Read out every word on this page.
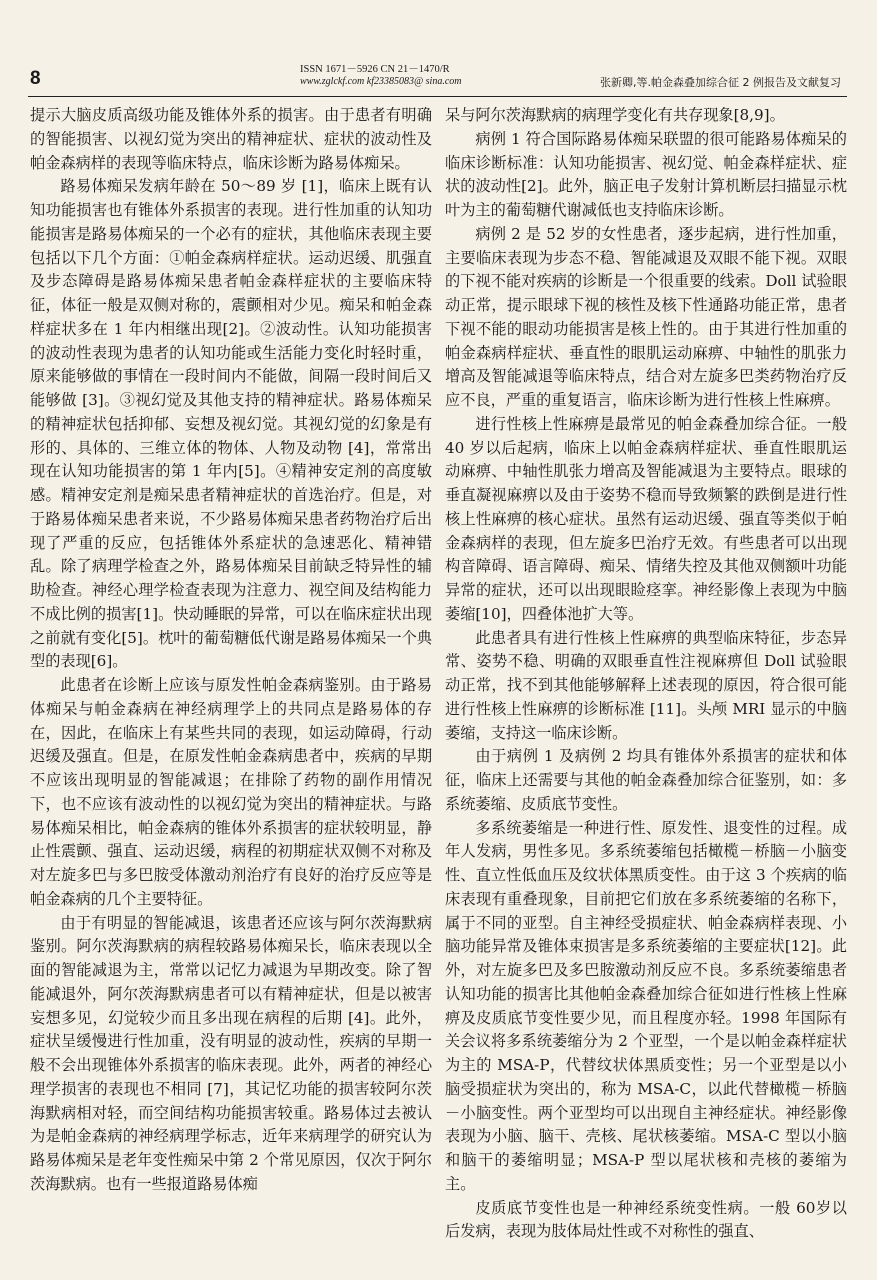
8	ISSN 1671－5926 CN 21－1470/R
www.zglckf.com kf23385083@ sina.com	张新卿,等.帕金森叠加综合征 2 例报告及文献复习

提示大脑皮质高级功能及锥体外系的损害。由于患者有明确的智能损害、以视幻觉为突出的精神症状、症状的波动性及帕金森病样的表现等临床特点，临床诊断为路易体痴呆。

路易体痴呆发病年龄在 50～89 岁 [1]，临床上既有认知功能损害也有锥体外系损害的表现。进行性加重的认知功能损害是路易体痴呆的一个必有的症状，其他临床表现主要包括以下几个方面：①帕金森病样症状。运动迟缓、肌强直及步态障碍是路易体痴呆患者帕金森样症状的主要临床特征，体征一般是双侧对称的，震颤相对少见。痴呆和帕金森样症状多在 1 年内相继出现[2]。②波动性。认知功能损害的波动性表现为患者的认知功能或生活能力变化时轻时重，原来能够做的事情在一段时间内不能做，间隔一段时间后又能够做 [3]。③视幻觉及其他支持的精神症状。路易体痴呆的精神症状包括抑郁、妄想及视幻觉。其视幻觉的幻象是有形的、具体的、三维立体的物体、人物及动物 [4]，常常出现在认知功能损害的第 1 年内[5]。④精神安定剂的高度敏感。精神安定剂是痴呆患者精神症状的首选治疗。但是，对于路易体痴呆患者来说，不少路易体痴呆患者药物治疗后出现了严重的反应，包括锥体外系症状的急速恶化、精神错乱。除了病理学检查之外，路易体痴呆目前缺乏特异性的辅助检查。神经心理学检查表现为注意力、视空间及结构能力不成比例的损害[1]。快动睡眠的异常，可以在临床症状出现之前就有变化[5]。枕叶的葡萄糖低代谢是路易体痴呆一个典型的表现[6]。

此患者在诊断上应该与原发性帕金森病鉴别。由于路易体痴呆与帕金森病在神经病理学上的共同点是路易体的存在，因此，在临床上有某些共同的表现，如运动障碍，行动迟缓及强直。但是，在原发性帕金森病患者中，疾病的早期不应该出现明显的智能减退；在排除了药物的副作用情况下，也不应该有波动性的以视幻觉为突出的精神症状。与路易体痴呆相比，帕金森病的锥体外系损害的症状较明显，静止性震颤、强直、运动迟缓，病程的初期症状双侧不对称及对左旋多巴与多巴胺受体激动剂治疗有良好的治疗反应等是帕金森病的几个主要特征。

由于有明显的智能减退，该患者还应该与阿尔茨海默病鉴别。阿尔茨海默病的病程较路易体痴呆长，临床表现以全面的智能减退为主，常常以记忆力减退为早期改变。除了智能减退外，阿尔茨海默病患者可以有精神症状，但是以被害妄想多见，幻觉较少而且多出现在病程的后期 [4]。此外，症状呈缓慢进行性加重，没有明显的波动性，疾病的早期一般不会出现锥体外系损害的临床表现。此外，两者的神经心理学损害的表现也不相同 [7]，其记忆功能的损害较阿尔茨海默病相对轻，而空间结构功能损害较重。路易体过去被认为是帕金森病的神经病理学标志，近年来病理学的研究认为路易体痴呆是老年变性痴呆中第 2 个常见原因，仅次于阿尔茨海默病。也有一些报道路易体痴

呆与阿尔茨海默病的病理学变化有共存现象[8,9]。

病例 1 符合国际路易体痴呆联盟的很可能路易体痴呆的临床诊断标准：认知功能损害、视幻觉、帕金森样症状、症状的波动性[2]。此外，脑正电子发射计算机断层扫描显示枕叶为主的葡萄糖代谢减低也支持临床诊断。

病例 2 是 52 岁的女性患者，逐步起病，进行性加重，主要临床表现为步态不稳、智能减退及双眼不能下视。双眼的下视不能对疾病的诊断是一个很重要的线索。Doll 试验眼动正常，提示眼球下视的核性及核下性通路功能正常，患者下视不能的眼动功能损害是核上性的。由于其进行性加重的帕金森病样症状、垂直性的眼肌运动麻痹、中轴性的肌张力增高及智能减退等临床特点，结合对左旋多巴类药物治疗反应不良，严重的重复语言，临床诊断为进行性核上性麻痹。

进行性核上性麻痹是最常见的帕金森叠加综合征。一般 40 岁以后起病，临床上以帕金森病样症状、垂直性眼肌运动麻痹、中轴性肌张力增高及智能减退为主要特点。眼球的垂直凝视麻痹以及由于姿势不稳而导致频繁的跌倒是进行性核上性麻痹的核心症状。虽然有运动迟缓、强直等类似于帕金森病样的表现，但左旋多巴治疗无效。有些患者可以出现构音障碍、语言障碍、痴呆、情绪失控及其他双侧额叶功能异常的症状，还可以出现眼睑痉挛。神经影像上表现为中脑萎缩[10]，四叠体池扩大等。

此患者具有进行性核上性麻痹的典型临床特征，步态异常、姿势不稳、明确的双眼垂直性注视麻痹但 Doll 试验眼动正常，找不到其他能够解释上述表现的原因，符合很可能进行性核上性麻痹的诊断标准 [11]。头颅 MRI 显示的中脑萎缩，支持这一临床诊断。

由于病例 1 及病例 2 均具有锥体外系损害的症状和体征，临床上还需要与其他的帕金森叠加综合征鉴别，如：多系统萎缩、皮质底节变性。

多系统萎缩是一种进行性、原发性、退变性的过程。成年人发病，男性多见。多系统萎缩包括橄榄－桥脑－小脑变性、直立性低血压及纹状体黑质变性。由于这 3 个疾病的临床表现有重叠现象，目前把它们放在多系统萎缩的名称下，属于不同的亚型。自主神经受损症状、帕金森病样表现、小脑功能异常及锥体束损害是多系统萎缩的主要症状[12]。此外，对左旋多巴及多巴胺激动剂反应不良。多系统萎缩患者认知功能的损害比其他帕金森叠加综合征如进行性核上性麻痹及皮质底节变性要少见，而且程度亦轻。1998 年国际有关会议将多系统萎缩分为 2 个亚型，一个是以帕金森样症状为主的 MSA-P，代替纹状体黑质变性；另一个亚型是以小脑受损症状为突出的，称为 MSA-C，以此代替橄榄－桥脑－小脑变性。两个亚型均可以出现自主神经症状。神经影像表现为小脑、脑干、壳核、尾状核萎缩。MSA-C 型以小脑和脑干的萎缩明显；MSA-P 型以尾状核和壳核的萎缩为主。

皮质底节变性也是一种神经系统变性病。一般 60岁以后发病，表现为肢体局灶性或不对称性的强直、
